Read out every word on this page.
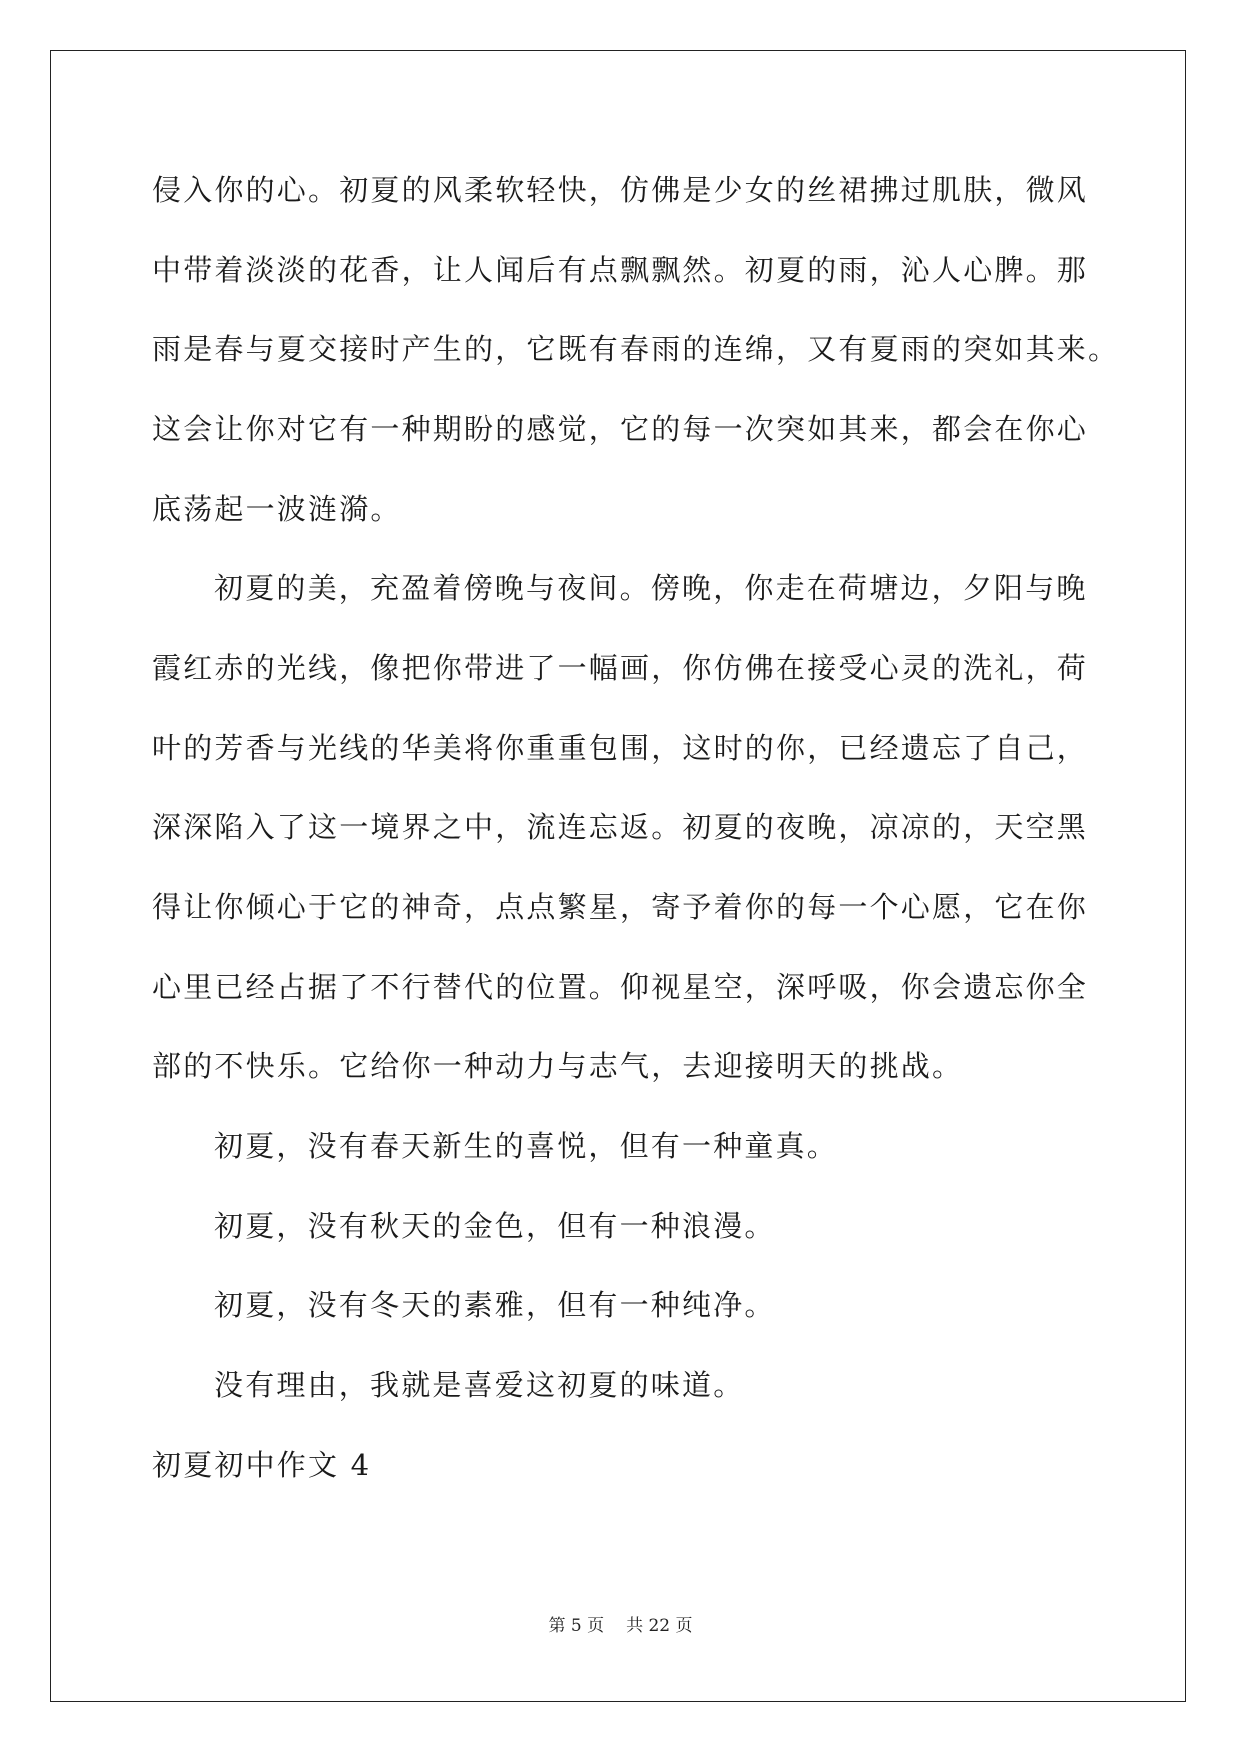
侵入你的心。初夏的风柔软轻快，仿佛是少女的丝裙拂过肌肤，微风
中带着淡淡的花香，让人闻后有点飘飘然。初夏的雨，沁人心脾。那
雨是春与夏交接时产生的，它既有春雨的连绵，又有夏雨的突如其来。
这会让你对它有一种期盼的感觉，它的每一次突如其来，都会在你心
底荡起一波涟漪。
初夏的美，充盈着傍晚与夜间。傍晚，你走在荷塘边，夕阳与晚
霞红赤的光线，像把你带进了一幅画，你仿佛在接受心灵的洗礼，荷
叶的芳香与光线的华美将你重重包围，这时的你，已经遗忘了自己，
深深陷入了这一境界之中，流连忘返。初夏的夜晚，凉凉的，天空黑
得让你倾心于它的神奇，点点繁星，寄予着你的每一个心愿，它在你
心里已经占据了不行替代的位置。仰视星空，深呼吸，你会遗忘你全
部的不快乐。它给你一种动力与志气，去迎接明天的挑战。
初夏，没有春天新生的喜悦，但有一种童真。
初夏，没有秋天的金色，但有一种浪漫。
初夏，没有冬天的素雅，但有一种纯净。
没有理由，我就是喜爱这初夏的味道。
初夏初中作文 4
第 5 页 共 22 页
